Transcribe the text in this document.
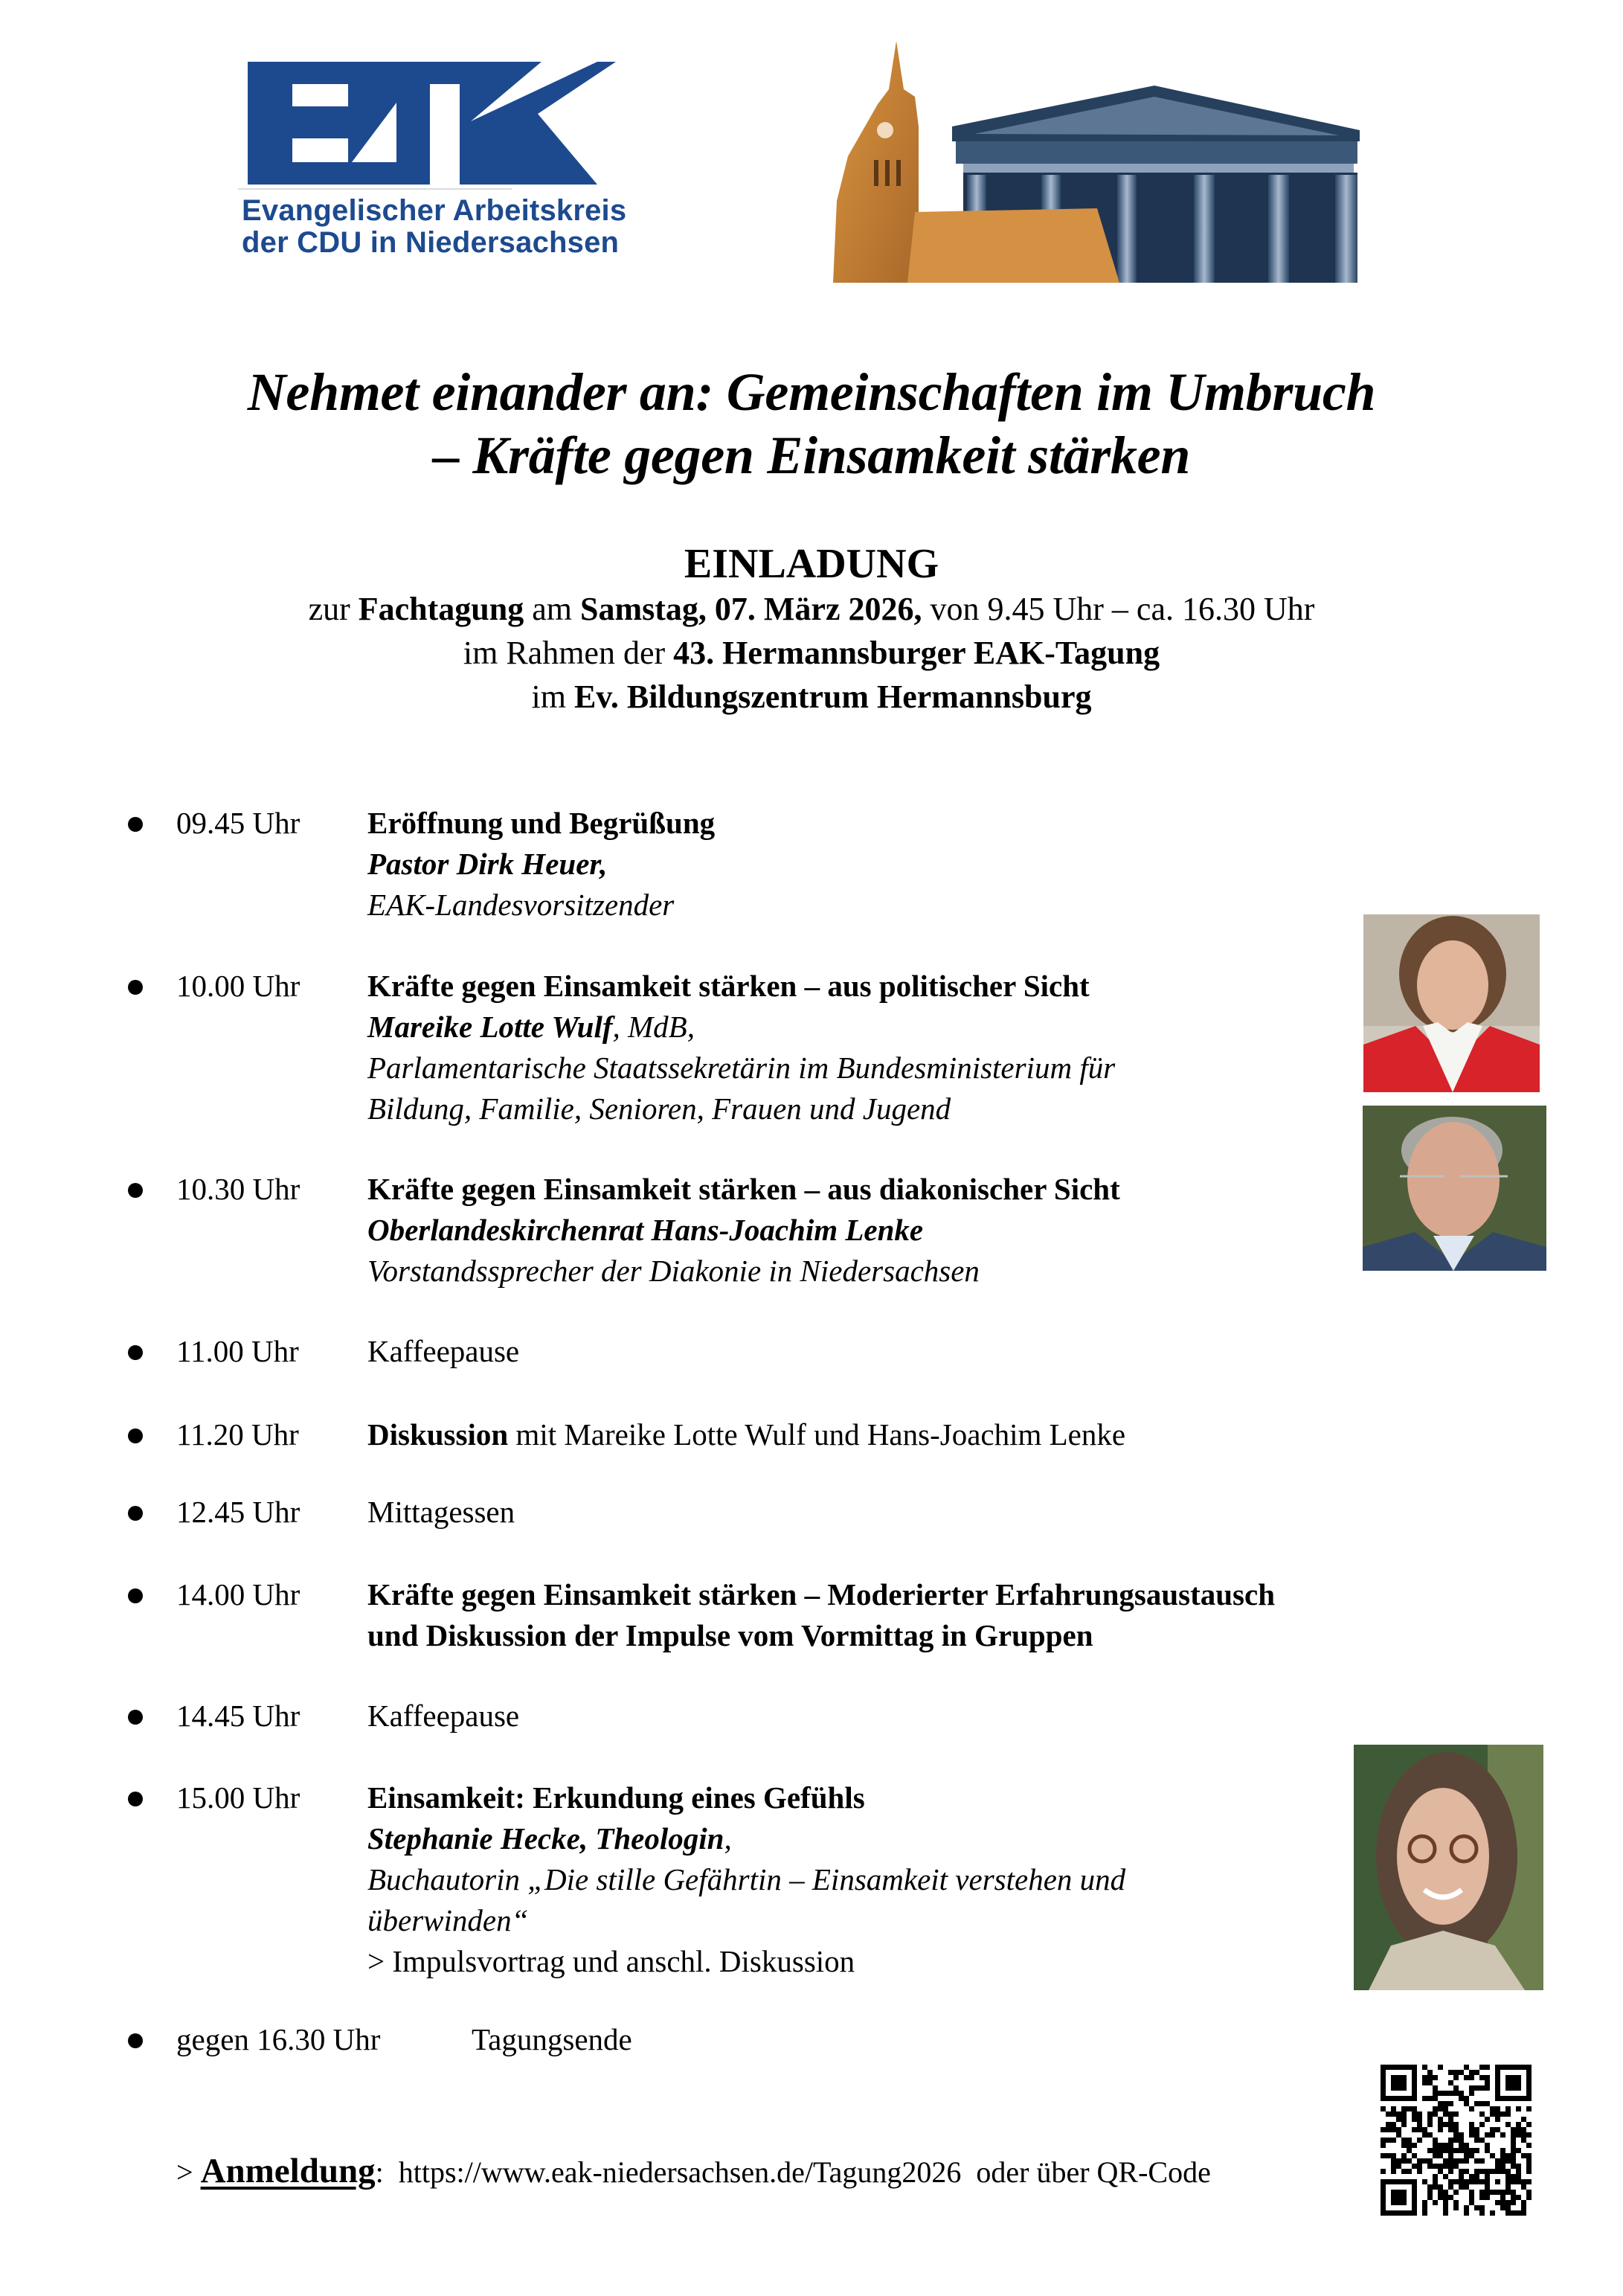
Evangelischer Arbeitskreis
der CDU in Niedersachsen
Nehmet einander an: Gemeinschaften im Umbruch
– Kräfte gegen Einsamkeit stärken
EINLADUNG
zur Fachtagung am Samstag, 07. März 2026, von 9.45 Uhr – ca. 16.30 Uhr
im Rahmen der 43. Hermannsburger EAK-Tagung
im Ev. Bildungszentrum Hermannsburg
09.45 Uhr Eröffnung und Begrüßung
Pastor Dirk Heuer,
EAK-Landesvorsitzender
10.00 Uhr Kräfte gegen Einsamkeit stärken – aus politischer Sicht
Mareike Lotte Wulf, MdB,
Parlamentarische Staatssekretärin im Bundesministerium für
Bildung, Familie, Senioren, Frauen und Jugend
10.30 Uhr Kräfte gegen Einsamkeit stärken – aus diakonischer Sicht
Oberlandeskirchenrat Hans-Joachim Lenke
Vorstandssprecher der Diakonie in Niedersachsen
11.00 Uhr Kaffeepause
11.20 Uhr Diskussion mit Mareike Lotte Wulf und Hans-Joachim Lenke
12.45 Uhr Mittagessen
14.00 Uhr Kräfte gegen Einsamkeit stärken – Moderierter Erfahrungsaustausch
und Diskussion der Impulse vom Vormittag in Gruppen
14.45 Uhr Kaffeepause
15.00 Uhr Einsamkeit: Erkundung eines Gefühls
Stephanie Hecke, Theologin,
Buchautorin „Die stille Gefährtin – Einsamkeit verstehen und
überwinden“
> Impulsvortrag und anschl. Diskussion
gegen 16.30 Uhr	Tagungsende
> Anmeldung: https://www.eak-niedersachsen.de/Tagung2026 oder über QR-Code
